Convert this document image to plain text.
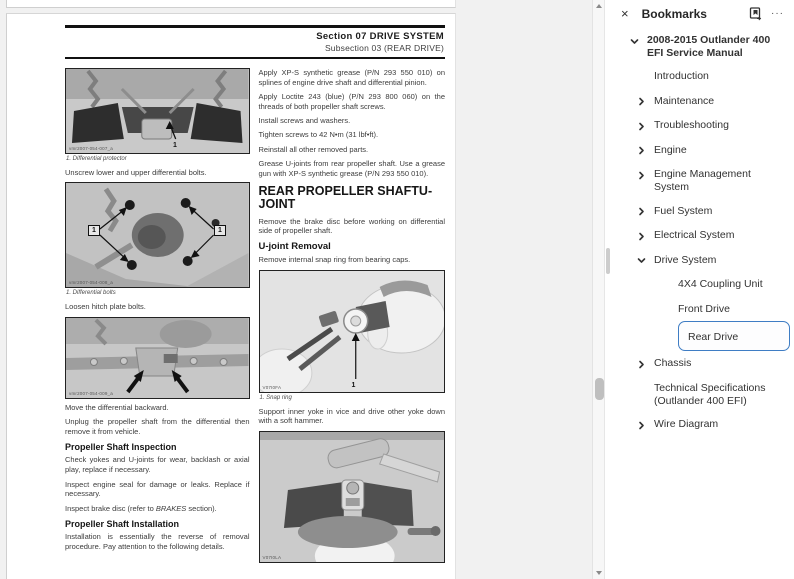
Section 07 DRIVE SYSTEM
Subsection 03 (REAR DRIVE)
vmr2007-054-007_a	1
1. Differential protector

Unscrew lower and upper differential bolts.

vmr2007-054-008_a
1	1
1. Differential bolts

Loosen hitch plate bolts.

vmr2007-054-009_a

Move the differential backward.

Unplug the propeller shaft from the differential then remove it from vehicle.

Propeller Shaft Inspection

Check yokes and U-joints for wear, backlash or axial play, replace if necessary.

Inspect engine seal for damage or leaks. Replace if necessary.

Inspect brake disc (refer to BRAKES section).

Propeller Shaft Installation

Installation is essentially the reverse of removal procedure. Pay attention to the following details.

Apply XP-S synthetic grease (P/N 293 550 010) on splines of engine drive shaft and differential pinion.

Apply Loctite 243 (blue) (P/N 293 800 060) on the threads of both propeller shaft screws.

Install screws and washers.

Tighten screws to 42 N•m (31 lbf•ft).

Reinstall all other removed parts.

Grease U-joints from rear propeller shaft. Use a grease gun with XP-S synthetic grease (P/N 293 550 010).

REAR PROPELLER SHAFTU-JOINT

Remove the brake disc before working on differential side of propeller shaft.

U-joint Removal

Remove internal snap ring from bearing caps.

V07I0FA	1
1. Snap ring

Support inner yoke in vice and drive other yoke down with a soft hammer.

V07I0LA
× Bookmarks	···
2008-2015 Outlander 400 EFI Service Manual
Introduction
Maintenance
Troubleshooting
Engine
Engine Management System
Fuel System
Electrical System
Drive System
4X4 Coupling Unit
Front Drive
Rear Drive
Chassis
Technical Specifications (Outlander 400 EFI)
Wire Diagram
